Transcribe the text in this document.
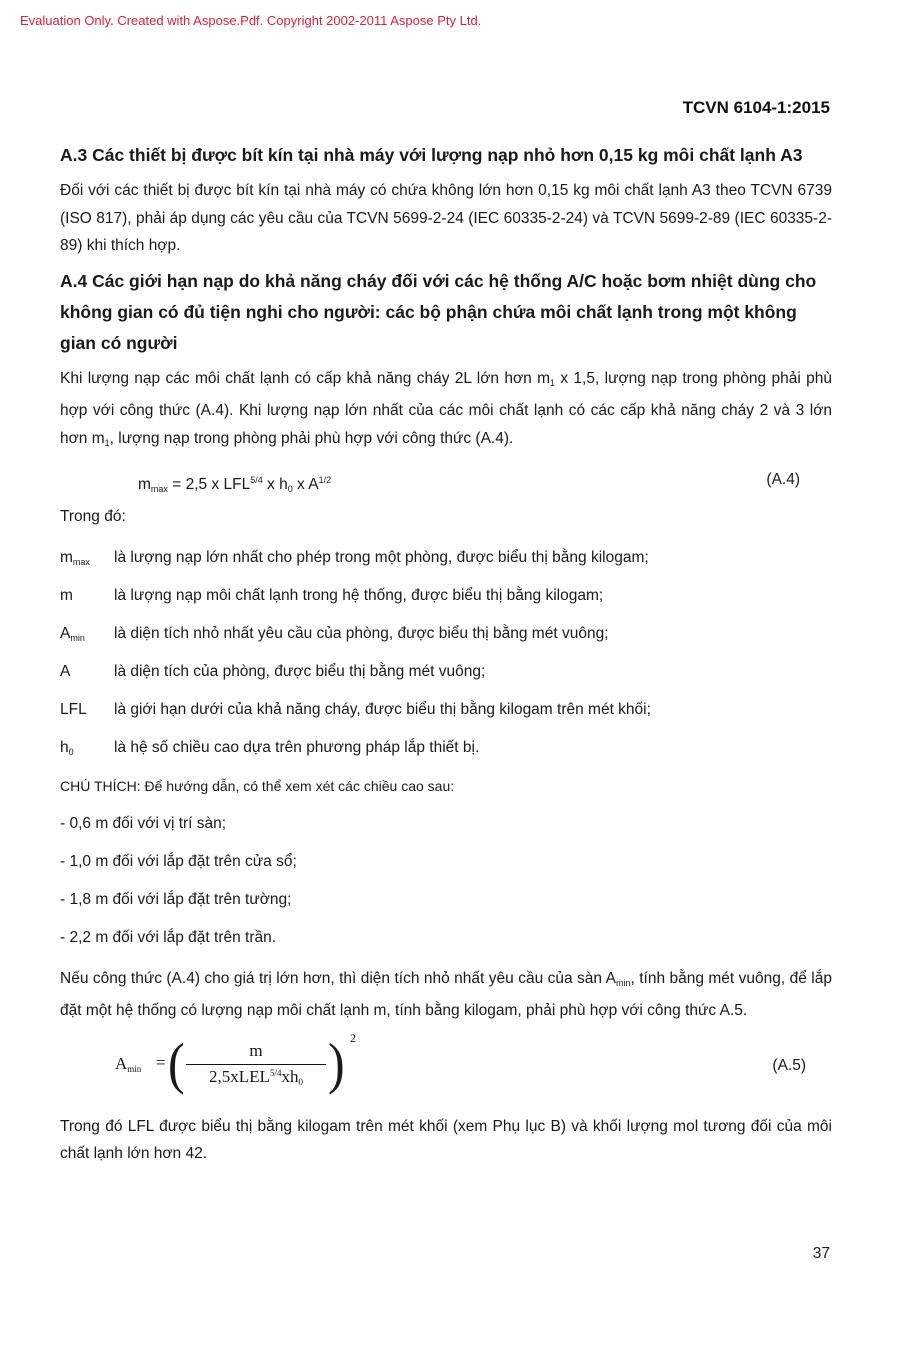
Evaluation Only. Created with Aspose.Pdf. Copyright 2002-2011 Aspose Pty Ltd.
TCVN 6104-1:2015
A.3 Các thiết bị được bít kín tại nhà máy với lượng nạp nhỏ hơn 0,15 kg môi chất lạnh A3
Đối với các thiết bị được bít kín tại nhà máy có chứa không lớn hơn 0,15 kg môi chất lạnh A3 theo TCVN 6739 (ISO 817), phải áp dụng các yêu cầu của TCVN 5699-2-24 (IEC 60335-2-24) và TCVN 5699-2-89 (IEC 60335-2-89) khi thích hợp.
A.4 Các giới hạn nạp do khả năng cháy đối với các hệ thống A/C hoặc bơm nhiệt dùng cho không gian có đủ tiện nghi cho người: các bộ phận chứa môi chất lạnh trong một không gian có người
Khi lượng nạp các môi chất lạnh có cấp khả năng cháy 2L lớn hơn $m_1$ x 1,5, lượng nạp trong phòng phải phù hợp với công thức (A.4). Khi lượng nạp lớn nhất của các môi chất lạnh có các cấp khả năng cháy 2 và 3 lớn hơn $m_1$, lượng nạp trong phòng phải phù hợp với công thức (A.4).
$m_{max} = 2,5$ x $LFL^{5/4}$ x $h_0$ x $A^{1/2}$	(A.4)
Trong đó:
$m_{max}$	là lượng nạp lớn nhất cho phép trong một phòng, được biểu thị bằng kilogam;
m	là lượng nạp môi chất lạnh trong hệ thống, được biểu thị bằng kilogam;
$A_{min}$	là diện tích nhỏ nhất yêu cầu của phòng, được biểu thị bằng mét vuông;
A	là diện tích của phòng, được biểu thị bằng mét vuông;
LFL	là giới hạn dưới của khả năng cháy, được biểu thị bằng kilogam trên mét khối;
$h_0$	là hệ số chiều cao dựa trên phương pháp lắp thiết bị.
CHÚ THÍCH: Để hướng dẫn, có thể xem xét các chiều cao sau:
- 0,6 m đối với vị trí sàn;
- 1,0 m đối với lắp đặt trên cửa sổ;
- 1,8 m đối với lắp đặt trên tường;
- 2,2 m đối với lắp đặt trên trần.
Nếu công thức (A.4) cho giá trị lớn hơn, thì diện tích nhỏ nhất yêu cầu của sàn $A_{min}$, tính bằng mét vuông, để lắp đặt một hệ thống có lượng nạp môi chất lạnh m, tính bằng kilogam, phải phù hợp với công thức A.5.
$A_{min}$ = (	m
$2,5xLEL^{5/4}xh_0$ ) 2
(A.5)
Trong đó LFL được biểu thị bằng kilogam trên mét khối (xem Phụ lục B) và khối lượng mol tương đối của môi chất lạnh lớn hơn 42.
37
